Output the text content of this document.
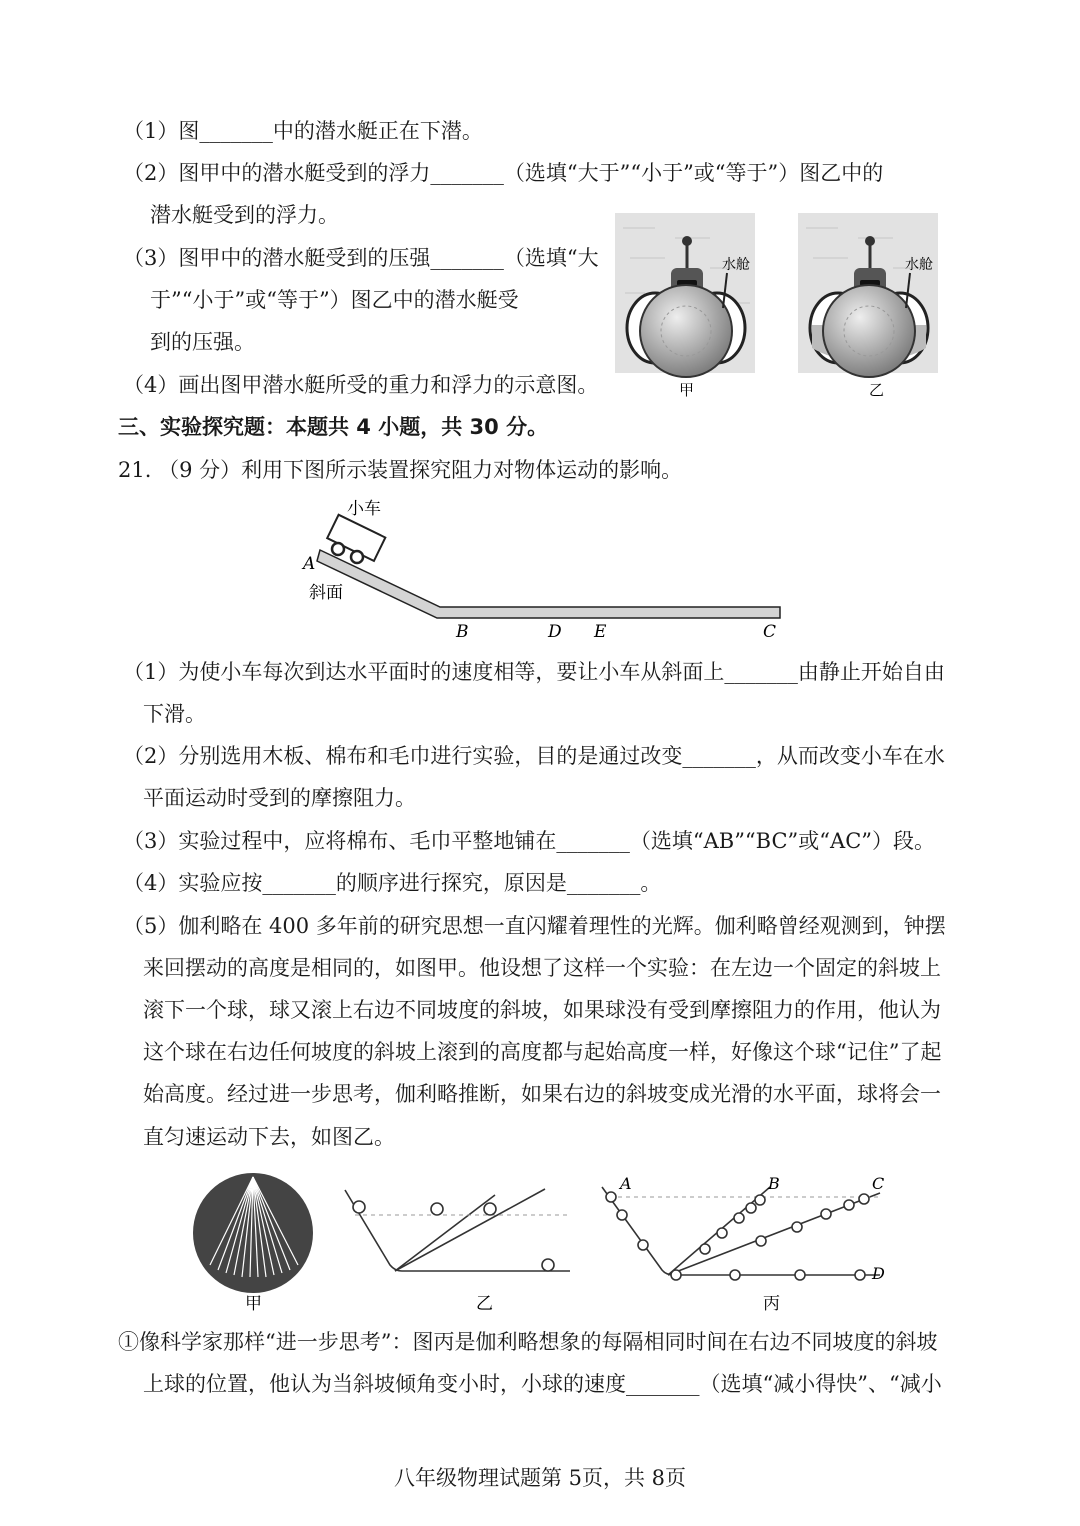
（1）图_______中的潜水艇正在下潜。
（2）图甲中的潜水艇受到的浮力_______（选填“大于”“小于”或“等于”）图乙中的
潜水艇受到的浮力。
（3）图甲中的潜水艇受到的压强_______（选填“大
于”“小于”或“等于”）图乙中的潜水艇受
到的压强。
（4）画出图甲潜水艇所受的重力和浮力的示意图。
水舱	水舱
甲	乙
三、实验探究题：本题共 4 小题，共 30 分。
21. （9 分）利用下图所示装置探究阻力对物体运动的影响。
小车
A
斜面
B	D E	C
（1）为使小车每次到达水平面时的速度相等，要让小车从斜面上_______由静止开始自由
下滑。
（2）分别选用木板、棉布和毛巾进行实验，目的是通过改变_______，从而改变小车在水
平面运动时受到的摩擦阻力。
（3）实验过程中，应将棉布、毛巾平整地铺在_______（选填“AB”“BC”或“AC”）段。
（4）实验应按_______的顺序进行探究，原因是_______。
（5）伽利略在 400 多年前的研究思想一直闪耀着理性的光辉。伽利略曾经观测到，钟摆
来回摆动的高度是相同的，如图甲。他设想了这样一个实验：在左边一个固定的斜坡上
滚下一个球，球又滚上右边不同坡度的斜坡，如果球没有受到摩擦阻力的作用，他认为
这个球在右边任何坡度的斜坡上滚到的高度都与起始高度一样，好像这个球“记住”了起
始高度。经过进一步思考，伽利略推断，如果右边的斜坡变成光滑的水平面，球将会一
直匀速运动下去，如图乙。
A	B	C
D
甲	乙	丙
①像科学家那样“进一步思考”：图丙是伽利略想象的每隔相同时间在右边不同坡度的斜坡
上球的位置，他认为当斜坡倾角变小时，小球的速度_______（选填“减小得快”、“减小
八年级物理试题第 5页，共 8页
